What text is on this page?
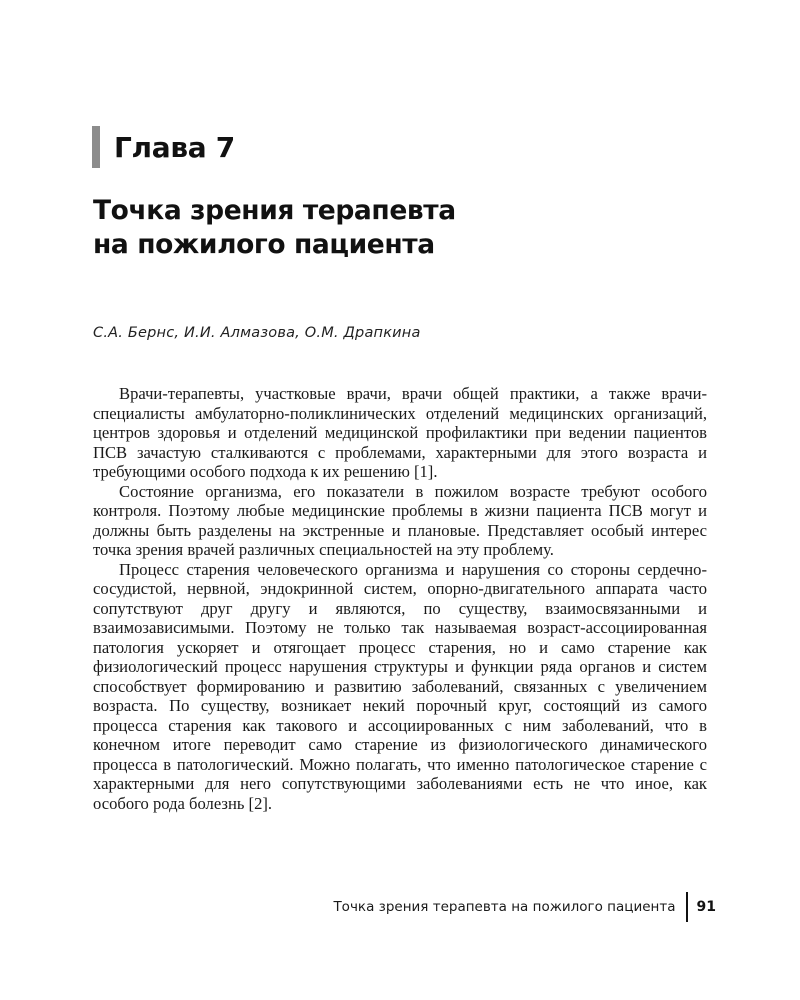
Глава 7
Точка зрения терапевта
на пожилого пациента
С.А. Бернс, И.И. Алмазова, О.М. Драпкина

Врачи-терапевты, участковые врачи, врачи общей практики, а также врачи-специалисты амбулаторно-поликлинических отделений медицинских организаций, центров здоровья и отделений медицинской профилактики при ведении пациентов ПСВ зачастую сталкиваются с проблемами, характерными для этого возраста и требующими особого подхода к их решению [1].

Состояние организма, его показатели в пожилом возрасте требуют особого контроля. Поэтому любые медицинские проблемы в жизни пациента ПСВ могут и должны быть разделены на экстренные и плановые. Представляет особый интерес точка зрения врачей различных специальностей на эту проблему.

Процесс старения человеческого организма и нарушения со стороны сердечно-сосудистой, нервной, эндокринной систем, опорно-двигательного аппарата часто сопутствуют друг другу и являются, по существу, взаимосвязанными и взаимозависимыми. Поэтому не только так называемая возраст-ассоциированная патология ускоряет и отягощает процесс старения, но и само старение как физиологический процесс нарушения структуры и функции ряда органов и систем способствует формированию и развитию заболеваний, связанных с увеличением возраста. По существу, возникает некий порочный круг, состоящий из самого процесса старения как такового и ассоциированных с ним заболеваний, что в конечном итоге переводит само старение из физиологического динамического процесса в патологический. Можно полагать, что именно патологическое старение с характерными для него сопутствующими заболеваниями есть не что иное, как особого рода болезнь [2].

Точка зрения терапевта на пожилого пациента 91
